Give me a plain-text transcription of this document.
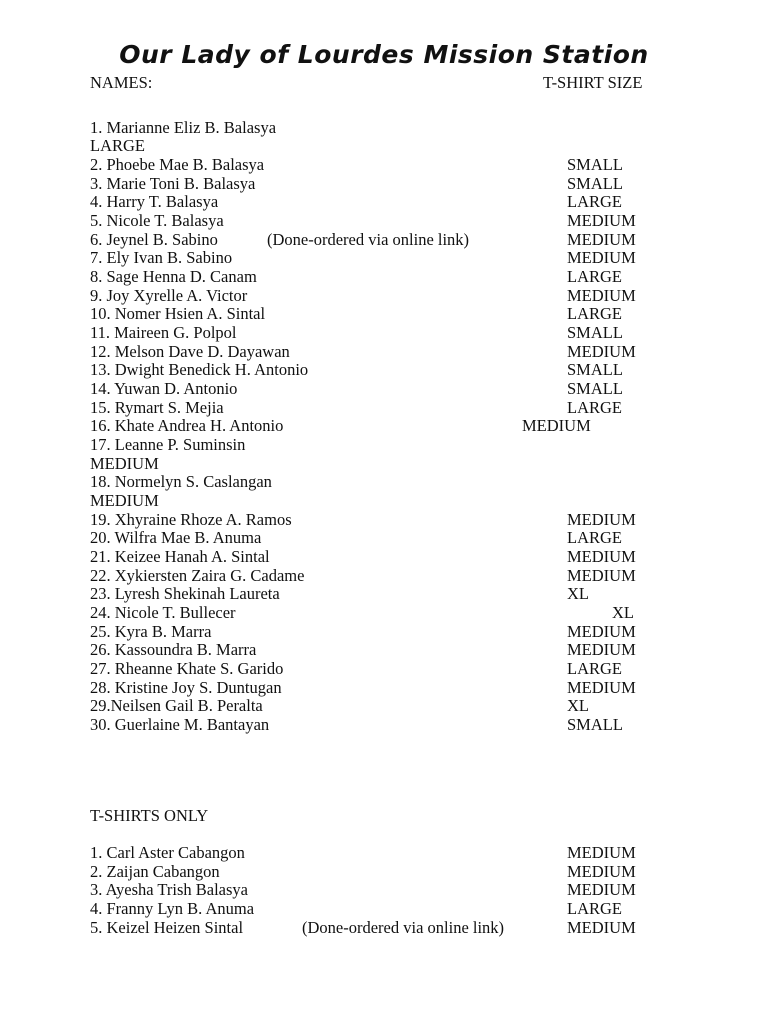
Our Lady of Lourdes Mission Station
NAMES:	T-SHIRT SIZE
1. Marianne Eliz B. Balasya
LARGE
2. Phoebe Mae B. Balasya	SMALL
3. Marie Toni B. Balasya	SMALL
4. Harry T. Balasya	LARGE
5. Nicole T. Balasya	MEDIUM
6. Jeynel B. Sabino	(Done-ordered via online link)	MEDIUM
7. Ely Ivan B. Sabino	MEDIUM
8. Sage Henna D. Canam	LARGE
9. Joy Xyrelle A. Victor	MEDIUM
10. Nomer Hsien A. Sintal	LARGE
11. Maireen G. Polpol	SMALL
12. Melson Dave D. Dayawan	MEDIUM
13. Dwight Benedick H. Antonio	SMALL
14. Yuwan D. Antonio	SMALL
15. Rymart S. Mejia	LARGE
16. Khate Andrea H. Antonio	MEDIUM
17. Leanne P. Suminsin
MEDIUM
18. Normelyn S. Caslangan
MEDIUM
19. Xhyraine Rhoze A. Ramos	MEDIUM
20. Wilfra Mae B. Anuma	LARGE
21. Keizee Hanah A. Sintal	MEDIUM
22. Xykiersten Zaira G. Cadame	MEDIUM
23. Lyresh Shekinah Laureta	XL
24. Nicole T. Bullecer	XL
25. Kyra B. Marra	MEDIUM
26. Kassoundra B. Marra	MEDIUM
27. Rheanne Khate S. Garido	LARGE
28. Kristine Joy S. Duntugan	MEDIUM
29.Neilsen Gail B. Peralta	XL
30. Guerlaine M. Bantayan	SMALL
T-SHIRTS ONLY
1. Carl Aster Cabangon	MEDIUM
2. Zaijan Cabangon	MEDIUM
3. Ayesha Trish Balasya	MEDIUM
4. Franny Lyn B. Anuma	LARGE
5. Keizel Heizen Sintal	(Done-ordered via online link)	MEDIUM
